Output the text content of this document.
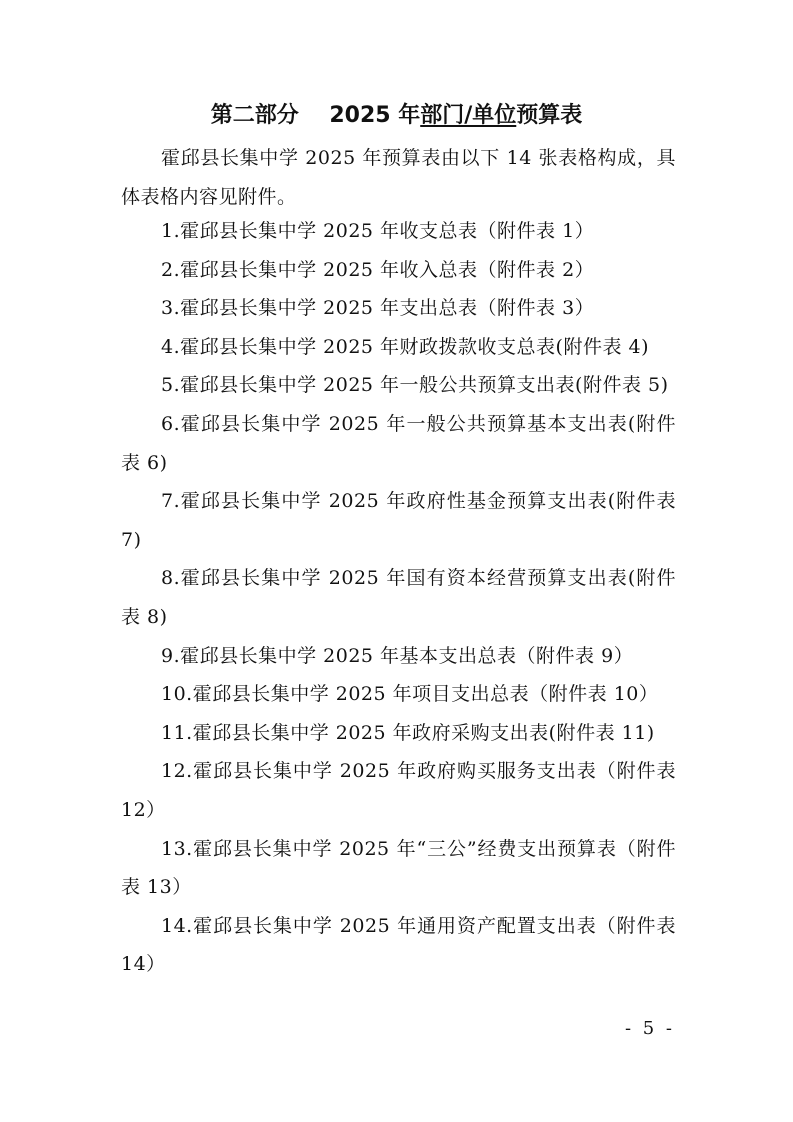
第二部分 2025 年部门/单位预算表

霍邱县长集中学 2025 年预算表由以下 14 张表格构成，具体表格内容见附件。

1.霍邱县长集中学 2025 年收支总表（附件表 1）

2.霍邱县长集中学 2025 年收入总表（附件表 2）

3.霍邱县长集中学 2025 年支出总表（附件表 3）

4.霍邱县长集中学 2025 年财政拨款收支总表(附件表 4)

5.霍邱县长集中学 2025 年一般公共预算支出表(附件表 5)

6.霍邱县长集中学 2025 年一般公共预算基本支出表(附件表 6)

7.霍邱县长集中学 2025 年政府性基金预算支出表(附件表 7)

8.霍邱县长集中学 2025 年国有资本经营预算支出表(附件表 8)

9.霍邱县长集中学 2025 年基本支出总表（附件表 9）

10.霍邱县长集中学 2025 年项目支出总表（附件表 10）

11.霍邱县长集中学 2025 年政府采购支出表(附件表 11)

12.霍邱县长集中学 2025 年政府购买服务支出表（附件表 12）

13.霍邱县长集中学 2025 年“三公”经费支出预算表（附件表 13）

14.霍邱县长集中学 2025 年通用资产配置支出表（附件表 14）

- 5 -
